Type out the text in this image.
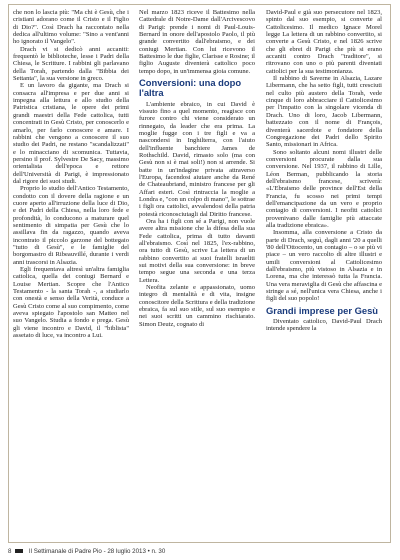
che non lo lascia più: "Ma chi è Gesù, che i cristiani adorano come il Cristo e il Figlio di Dio?". Così Drach ha raccontato nella dedica all'ultimo volume: "Sino a vent'anni ho ignorato il Vangelo".

Drach vi si dedicò anni accaniti: frequentò le biblioteche, lesse i Padri della Chiesa, le Scritture. I rabbini gli parlavano della Torah, partendo dalla "Bibbia dei Settanta", la sua versione in greco.

E un lavoro da gigante, ma Drach si consacra all'impresa e per due anni si impegna alla lettura e allo studio della Patristica cristiana, le opere dei primi grandi maestri della Fede cattolica, tutti concentrati in Gesù Cristo, per conoscerlo e amarlo, per farlo conoscere e amare. I rabbini che vengono a conoscere il suo studio dei Padri, ne restano "scandalizzati" e lo minacciano di scomunica. Tuttavia, persino il prof. Sylvestre De Sacy, massimo orientalista dell'epoca e rettore dell'Università di Parigi, è impressionato dal rigore dei suoi studi.

Proprio lo studio dell'Antico Testamento, condotto con il dovere della ragione e un cuore aperto all'irruzione della luce di Dio, e dei Padri della Chiesa, nella loro fede e profondità, lo conducono a maturare quel sentimento di simpatia per Gesù che lo assillava fin da ragazzo, quando aveva incontrato il piccolo garzone del bottegaio "tutto di Gesù", e le famiglie del borgomastro di Ribeauvillé, durante i verdi anni trascorsi in Alsazia.

Egli frequentava altresì un'altra famiglia cattolica, quella dei coniugi Bernard e Louise Mertian. Scopre che l'Antico Testamento - la santa Torah -, a studiarlo con onestà e senso della Verità, conduce a Gesù Cristo come al suo compimento, come aveva spiegato l'apostolo san Matteo nel suo Vangelo. Studia a fondo e prega. Gesù gli viene incontro e David, il "biblista" assetato di luce, va incontro a Lui.

Nel marzo 1823 riceve il Battesimo nella Cattedrale di Notre-Dame dall'Arcivescovo di Parigi: prende i nomi di Paul-Louis-Bernard in onore dell'apostolo Paolo, il più grande convertito dall'ebraismo, e dei coniugi Mertian. Con lui ricevono il Battesimo le due figlie, Clarisse e Rosine; il figlio Auguste diventerà cattolico poco tempo dopo, in un'immensa gioia comune.

Conversioni: una dopo l'altra

L'ambiente ebraico, in cui David è vissuto fino a quel momento, reagisce con furore contro chi viene considerato un rinnegato, da leader che era prima. La moglie fugge con i tre figli e va a nascondersi in Inghilterra, con l'aiuto dell'influente banchiere James de Rothschild. David, rimasto solo (ma con Gesù non si è mai soli!) non si arrende. Si batte in un'indagine privata attraverso l'Europa, facendosi aiutare anche da René de Chateaubriand, ministro francese per gli Affari esteri. Così rintraccia la moglie a Londra e, "con un colpo di mano", le sottrae i figli ora cattolici, avvalendosi della patria potestà riconosciutagli dal Diritto francese.

Ora ha i figli con sé a Parigi, non vuole avere altra missione che la difesa della sua Fede cattolica, prima di tutto davanti all'ebraismo. Così nel 1825, l'ex-rabbino, ora tutto di Gesù, scrive La lettera di un rabbino convertito ai suoi fratelli israeliti sui motivi della sua conversione: in breve tempo segue una seconda e una terza Lettera.

Neofita zelante e appassionato, uomo integro di mentalità e di vita, insigne conoscitore della Scrittura e della tradizione ebraica, fa sul suo stile, sul suo esempio e nei suoi scritti un cammino rischiarato. Simon Deutz, cognato di

David-Paul e già suo persecutore nel 1823, spinto dal suo esempio, si converte al Cattolicesimo. Il medico Ignace Morel legge La lettera di un rabbino convertito, si converte a Gesù Cristo, e nel 1826 scrive che gli ebrei di Parigi che più si erano accaniti contro Drach "traditore", si ritrovano con uno o più parenti diventati cattolici per la sua testimonianza.

Il rabbino di Saverne in Alsazia, Lazare Libermann, che ha setto figli, tutti cresciuti nel culto più austero della Torah, vede cinque di loro abbracciare il Cattolicesimo per l'impatto con la singolare vicenda di Drach. Uno di loro, Jacob Libermann, battezzato con il nome di François, diventerà sacerdote e fondatore della Congregazione dei Padri dello Spirito Santo, missionari in Africa.

Sono soltanto alcuni nomi illustri delle conversioni procurate dalla sua conversione. Nel 1937, il rabbino di Lille, Léon Berman, pubblicando la storia dell'ebraismo francese, scriverà: «L'Ebraismo delle province dell'Est della Francia, fu scosso nei primi tempi dell'emancipazione da un vero e proprio contagio di conversioni. I neofiti cattolici provenivano dalle famiglie più attaccate alla tradizione ebraica».

Insomma, alla conversione a Cristo da parte di Drach, seguì, dagli anni '20 a quelli '80 dell'Ottocento, un contagio – o se più vi piace – un vero raccolto di altre illustri e umili conversioni al Cattolicesimo dall'ebraismo, più vistoso in Alsazia e in Lorena, ma che interessò tutta la Francia. Una vera meraviglia di Gesù che affascina e stringe a sé, nell'unica vera Chiesa, anche i figli del suo popolo!

Grandi imprese per Gesù

Diventato cattolico, David-Paul Drach intende spendere la

8	Il Settimanale di Padre Pio - 28 luglio 2013 • n. 30
